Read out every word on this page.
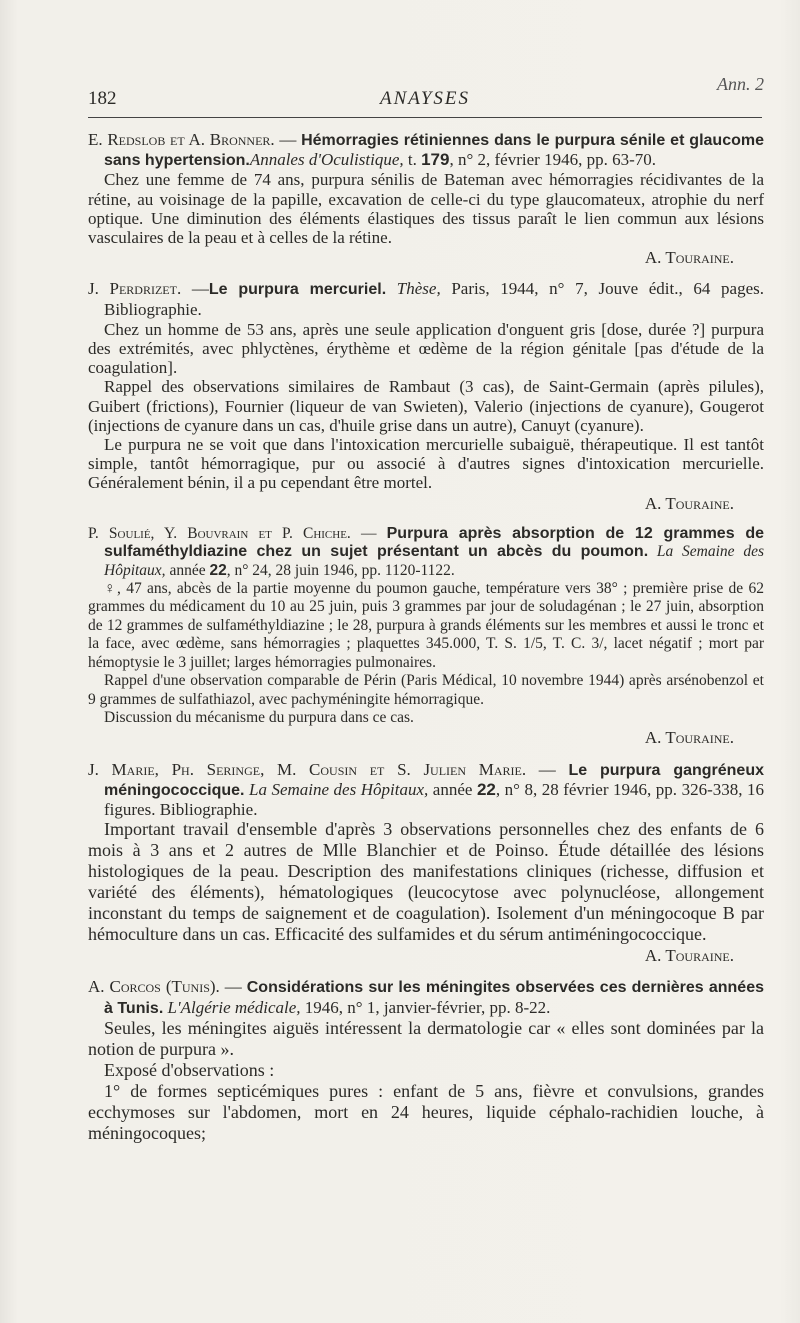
Ann. 2
182	ANAYSES

E. Redslob et A. Bronner. — Hémorragies rétiniennes dans le purpura sénile et glaucome sans hypertension.Annales d'Oculistique, t. 179, n° 2, février 1946, pp. 63-70.

Chez une femme de 74 ans, purpura sénilis de Bateman avec hémorragies récidivantes de la rétine, au voisinage de la papille, excavation de celle-ci du type glaucomateux, atrophie du nerf optique. Une diminution des éléments élastiques des tissus paraît le lien commun aux lésions vasculaires de la peau et à celles de la rétine.

A. Touraine.

J. Perdrizet. —Le purpura mercuriel. Thèse, Paris, 1944, n° 7, Jouve édit., 64 pages. Bibliographie.

Chez un homme de 53 ans, après une seule application d'onguent gris [dose, durée ?] purpura des extrémités, avec phlyctènes, érythème et œdème de la région génitale [pas d'étude de la coagulation].

Rappel des observations similaires de Rambaut (3 cas), de Saint-Germain (après pilules), Guibert (frictions), Fournier (liqueur de van Swieten), Valerio (injections de cyanure), Gougerot (injections de cyanure dans un cas, d'huile grise dans un autre), Canuyt (cyanure).

Le purpura ne se voit que dans l'intoxication mercurielle subaiguë, thérapeutique. Il est tantôt simple, tantôt hémorragique, pur ou associé à d'autres signes d'intoxication mercurielle. Généralement bénin, il a pu cependant être mortel.

A. Touraine.

P. Soulié, Y. Bouvrain et P. Chiche. — Purpura après absorption de 12 grammes de sulfaméthyldiazine chez un sujet présentant un abcès du poumon. La Semaine des Hôpitaux, année 22, n° 24, 28 juin 1946, pp. 1120-1122.

♀, 47 ans, abcès de la partie moyenne du poumon gauche, température vers 38° ; première prise de 62 grammes du médicament du 10 au 25 juin, puis 3 grammes par jour de soludagénan ; le 27 juin, absorption de 12 grammes de sulfaméthyldiazine ; le 28, purpura à grands éléments sur les membres et aussi le tronc et la face, avec œdème, sans hémorragies ; plaquettes 345.000, T. S. 1/5, T. C. 3/, lacet négatif ; mort par hémoptysie le 3 juillet; larges hémorragies pulmonaires.

Rappel d'une observation comparable de Périn (Paris Médical, 10 novembre 1944) après arsénobenzol et 9 grammes de sulfathiazol, avec pachyméningite hémorragique.

Discussion du mécanisme du purpura dans ce cas.

A. Touraine.

J. Marie, Ph. Seringe, M. Cousin et S. Julien Marie. — Le purpura gangréneux méningococcique. La Semaine des Hôpitaux, année 22, n° 8, 28 février 1946, pp. 326-338, 16 figures. Bibliographie.

Important travail d'ensemble d'après 3 observations personnelles chez des enfants de 6 mois à 3 ans et 2 autres de Mlle Blanchier et de Poinso. Étude détaillée des lésions histologiques de la peau. Description des manifestations cliniques (richesse, diffusion et variété des éléments), hématologiques (leucocytose avec polynucléose, allongement inconstant du temps de saignement et de coagulation). Isolement d'un méningocoque B par hémoculture dans un cas. Efficacité des sulfamides et du sérum antiméningococcique.

A. Touraine.

A. Corcos (Tunis). — Considérations sur les méningites observées ces dernières années à Tunis. L'Algérie médicale, 1946, n° 1, janvier-février, pp. 8-22.

Seules, les méningites aiguës intéressent la dermatologie car « elles sont dominées par la notion de purpura ».

Exposé d'observations :

1° de formes septicémiques pures : enfant de 5 ans, fièvre et convulsions, grandes ecchymoses sur l'abdomen, mort en 24 heures, liquide céphalo-rachidien louche, à méningocoques;
